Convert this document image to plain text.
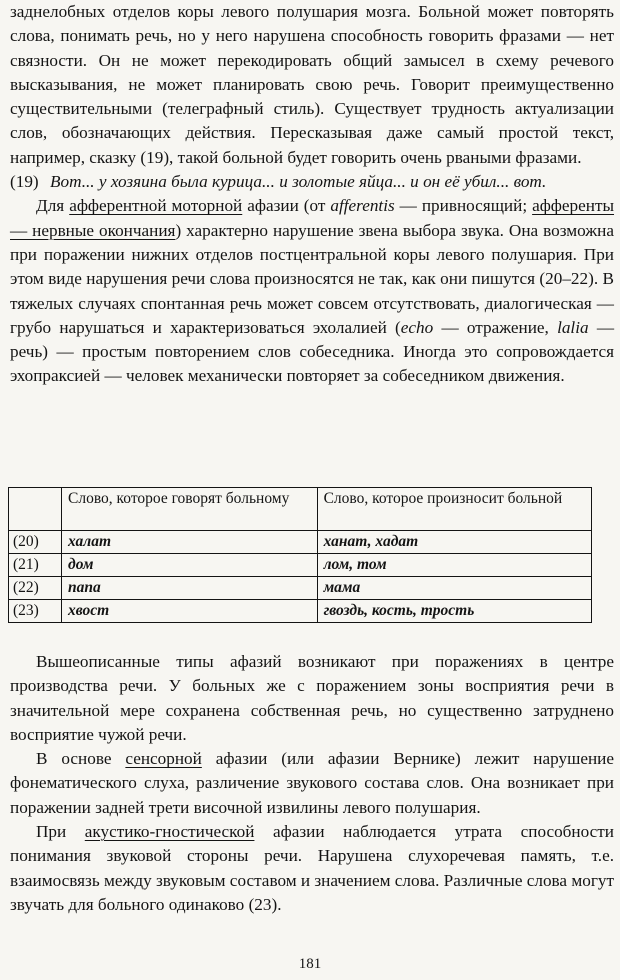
заднелобных отделов коры левого полушария мозга. Больной может повторять слова, понимать речь, но у него нарушена способность говорить фразами — нет связности. Он не может перекодировать общий замысел в схему речевого высказывания, не может планировать свою речь. Говорит преимущественно существительными (телеграфный стиль). Существует трудность актуализации слов, обозначающих действия. Пересказывая даже самый простой текст, например, сказку (19), такой больной будет говорить очень рваными фразами.

(19) Вот... у хозяина была курица... и золотые яйца... и он её убил... вот.

Для афферентной моторной афазии (от afferentis — привносящий; афференты — нервные окончания) характерно нарушение звена выбора звука. Она возможна при поражении нижних отделов постцентральной коры левого полушария. При этом виде нарушения речи слова произносятся не так, как они пишутся (20–22). В тяжелых случаях спонтанная речь может совсем отсутствовать, диалогическая — грубо нарушаться и характеризоваться эхолалией (echo — отражение, lalia — речь) — простым повторением слов собеседника. Иногда это сопровождается эхопраксией — человек механически повторяет за собеседником движения.

	Слово, которое говорят больному	Слово, которое произносит больной
(20)	халат	ханат, хадат
(21)	дом	лом, том
(22)	папа	мама
(23)	хвост	гвоздь, кость, трость

Вышеописанные типы афазий возникают при поражениях в центре производства речи. У больных же с поражением зоны восприятия речи в значительной мере сохранена собственная речь, но существенно затруднено восприятие чужой речи.

В основе сенсорной афазии (или афазии Вернике) лежит нарушение фонематического слуха, различение звукового состава слов. Она возникает при поражении задней трети височной извилины левого полушария.

При акустико-гностической афазии наблюдается утрата способности понимания звуковой стороны речи. Нарушена слухоречевая память, т.е. взаимосвязь между звуковым составом и значением слова. Различные слова могут звучать для больного одинаково (23).

181
